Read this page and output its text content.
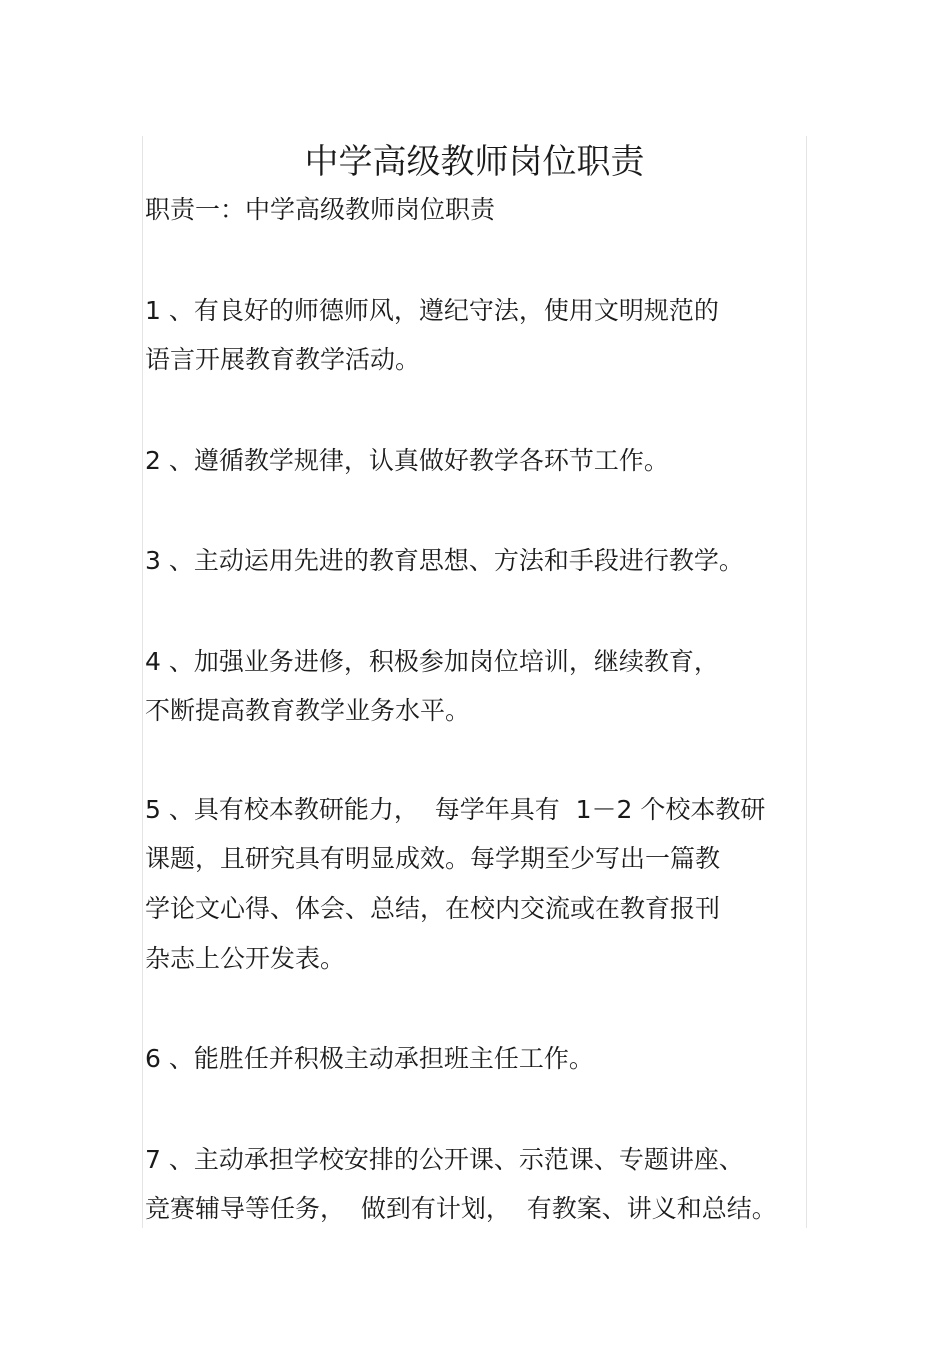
中学高级教师岗位职责
职责一：中学高级教师岗位职责
1 、有良好的师德师风，遵纪守法，使用文明规范的
语言开展教育教学活动。
2 、遵循教学规律，认真做好教学各环节工作。
3 、主动运用先进的教育思想、方法和手段进行教学。
4 、加强业务进修，积极参加岗位培训，继续教育，
不断提高教育教学业务水平。
5 、具有校本教研能力，  每学年具有  1－2 个校本教研
课题，且研究具有明显成效。每学期至少写出一篇教
学论文心得、体会、总结，在校内交流或在教育报刊
杂志上公开发表。
6 、能胜任并积极主动承担班主任工作。
7 、主动承担学校安排的公开课、示范课、专题讲座、
竞赛辅导等任务，  做到有计划，  有教案、讲义和总结。
